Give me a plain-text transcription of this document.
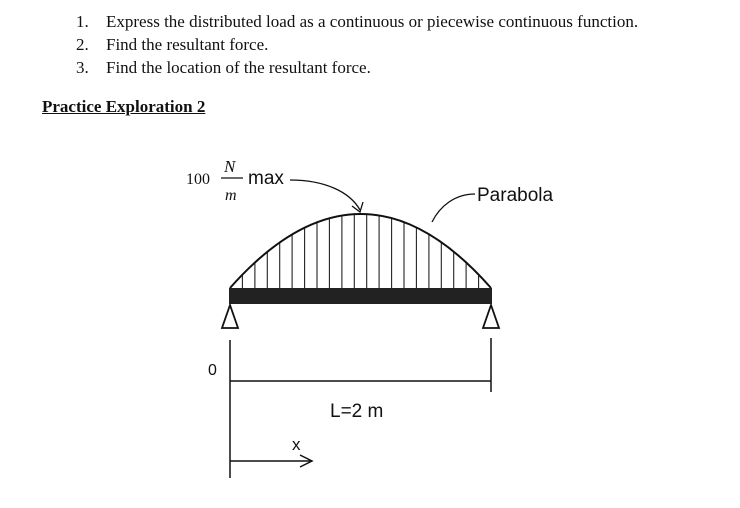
1.	Express the distributed load as a continuous or piecewise continuous function.
2.	Find the resultant force.
3.	Find the location of the resultant force.
Practice Exploration 2
100
N
m
max
Parabola
0
L=2 m
x
